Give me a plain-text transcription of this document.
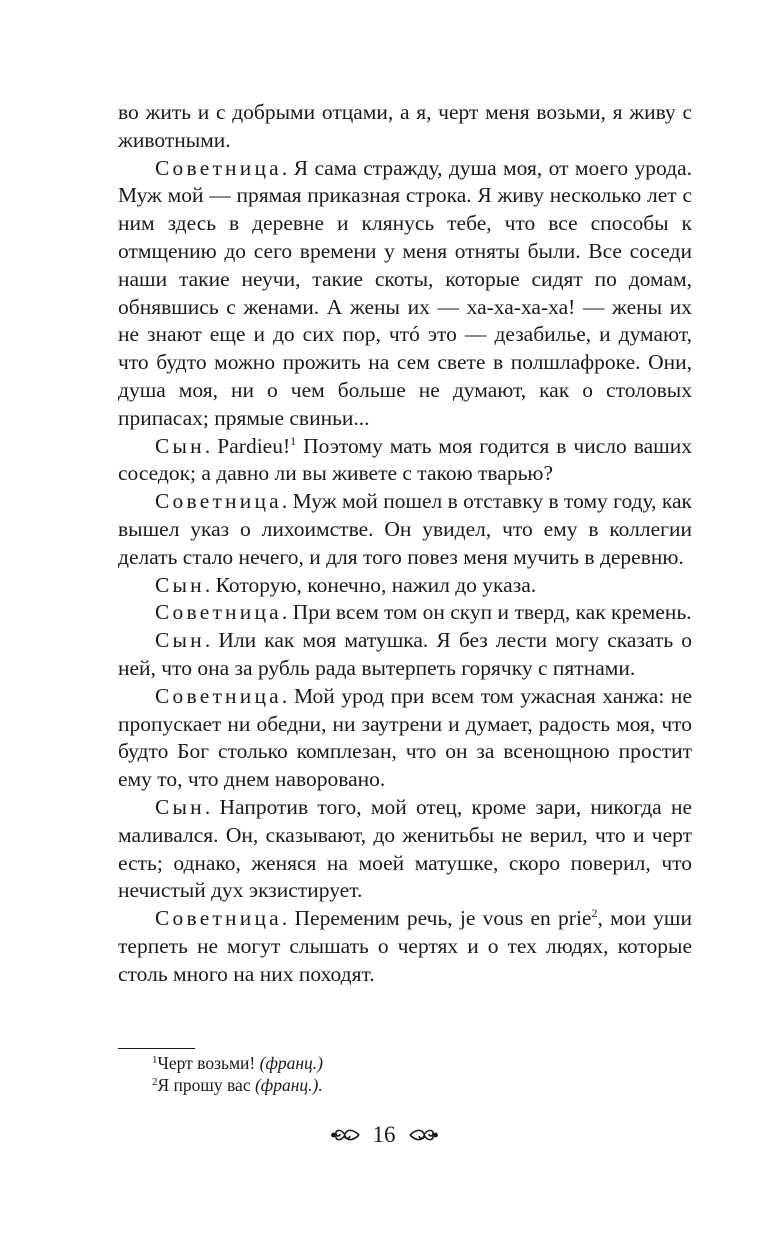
во жить и с добрыми отцами, а я, черт меня возьми, я живу с животными.

Советница. Я сама стражду, душа моя, от моего урода. Муж мой — прямая приказная строка. Я живу несколько лет с ним здесь в деревне и клянусь тебе, что все способы к отмщению до сего времени у меня отняты были. Все соседи наши такие неучи, такие скоты, которые сидят по домам, обнявшись с женами. А жены их — ха-ха-ха-ха! — жены их не знают еще и до сих пор, чтó это — дезабилье, и думают, что будто можно прожить на сем свете в полшлафроке. Они, душа моя, ни о чем больше не думают, как о столовых припасах; прямые свиньи...

Сын. Pardieu!$^1$ Поэтому мать моя годится в число ваших соседок; а давно ли вы живете с такою тварью?

Советница. Муж мой пошел в отставку в тому году, как вышел указ о лихоимстве. Он увидел, что ему в коллегии делать стало нечего, и для того повез меня мучить в деревню.

Сын. Которую, конечно, нажил до указа.

Советница. При всем том он скуп и тверд, как кремень.

Сын. Или как моя матушка. Я без лести могу сказать о ней, что она за рубль рада вытерпеть горячку с пятнами.

Советница. Мой урод при всем том ужасная ханжа: не пропускает ни обедни, ни заутрени и думает, радость моя, что будто Бог столько комплезан, что он за всенощною простит ему то, что днем наворовано.

Сын. Напротив того, мой отец, кроме зари, никогда не маливался. Он, сказывают, до женитьбы не верил, что и черт есть; однако, женяся на моей матушке, скоро поверил, что нечистый дух экзистирует.

Советница. Переменим речь, je vous en prie$^2$, мои уши терпеть не могут слышать о чертях и о тех людях, которые столь много на них походят.

$^1$Черт возьми! (франц.)
$^2$Я прошу вас (франц.).
16
